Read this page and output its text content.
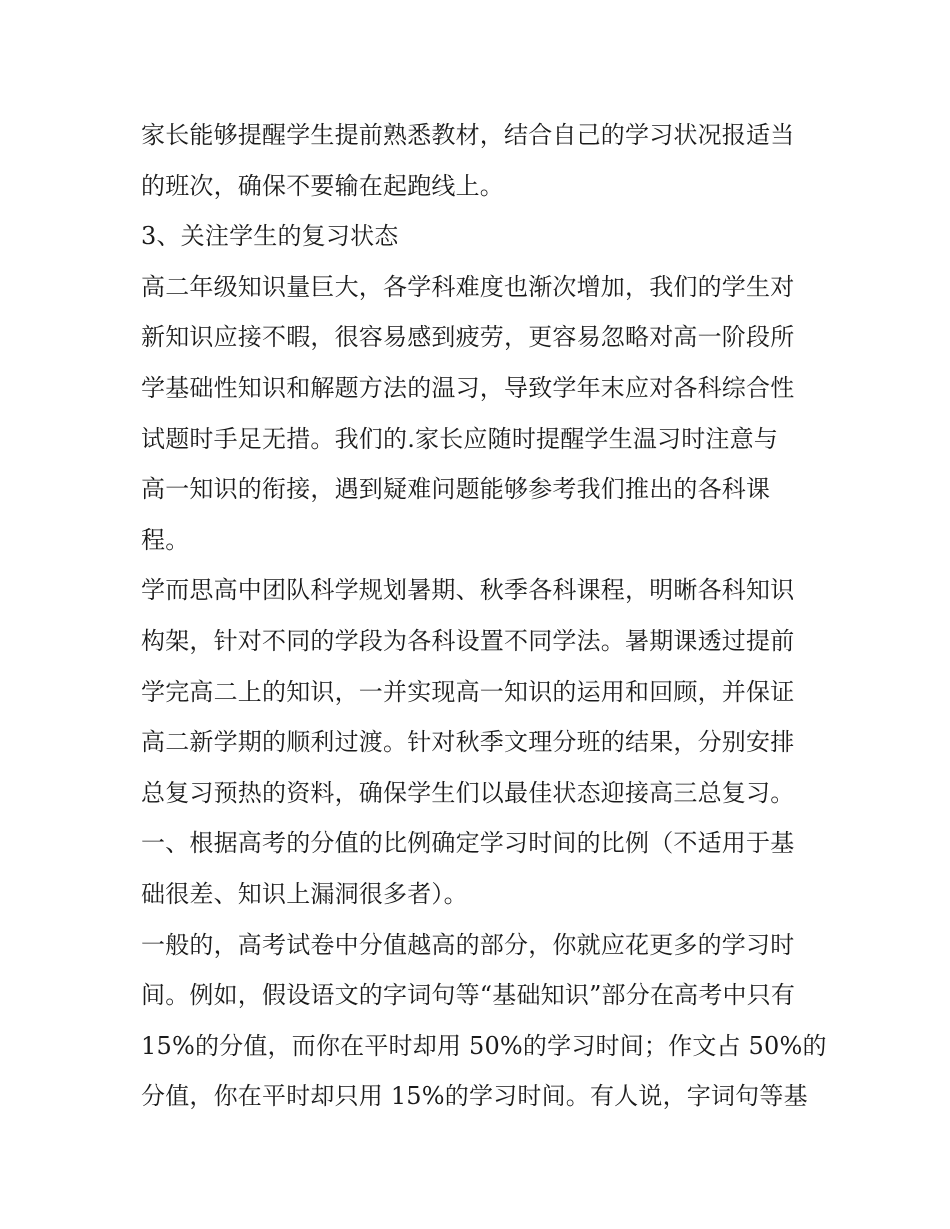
家长能够提醒学生提前熟悉教材，结合自己的学习状况报适当
的班次，确保不要输在起跑线上。
3、关注学生的复习状态
高二年级知识量巨大，各学科难度也渐次增加，我们的学生对
新知识应接不暇，很容易感到疲劳，更容易忽略对高一阶段所
学基础性知识和解题方法的温习，导致学年末应对各科综合性
试题时手足无措。我们的.家长应随时提醒学生温习时注意与
高一知识的衔接，遇到疑难问题能够参考我们推出的各科课
程。
学而思高中团队科学规划暑期、秋季各科课程，明晰各科知识
构架，针对不同的学段为各科设置不同学法。暑期课透过提前
学完高二上的知识，一并实现高一知识的运用和回顾，并保证
高二新学期的顺利过渡。针对秋季文理分班的结果，分别安排
总复习预热的资料，确保学生们以最佳状态迎接高三总复习。
一、根据高考的分值的比例确定学习时间的比例（不适用于基
础很差、知识上漏洞很多者）。
一般的，高考试卷中分值越高的部分，你就应花更多的学习时
间。例如，假设语文的字词句等“基础知识”部分在高考中只有
15%的分值，而你在平时却用 50%的学习时间；作文占 50%的
分值，你在平时却只用 15%的学习时间。有人说，字词句等基
